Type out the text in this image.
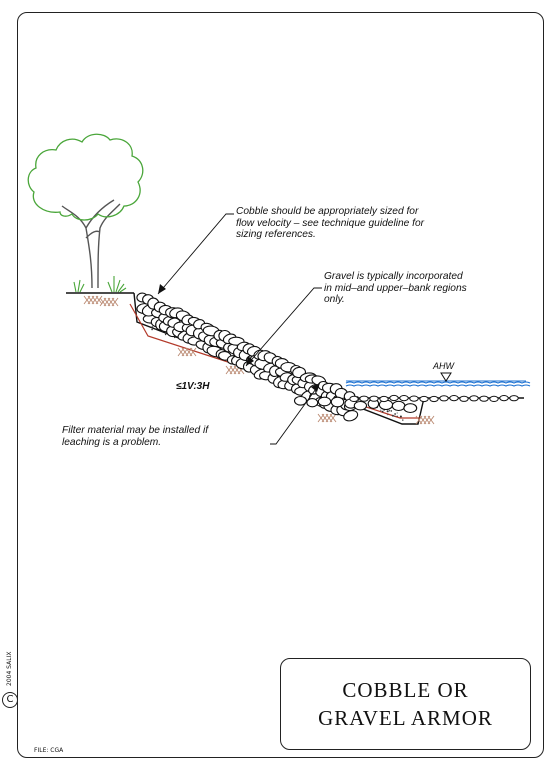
Cobble should be appropriately sized for
flow velocity – see technique guideline for
sizing references.
Gravel is typically incorporated
in mid–and upper–bank regions
only.
Filter material may be installed if
leaching is a problem.
≤1V:3H
AHW
COBBLE OR
GRAVEL ARMOR
C
2004 SALIX
FILE: CGA
